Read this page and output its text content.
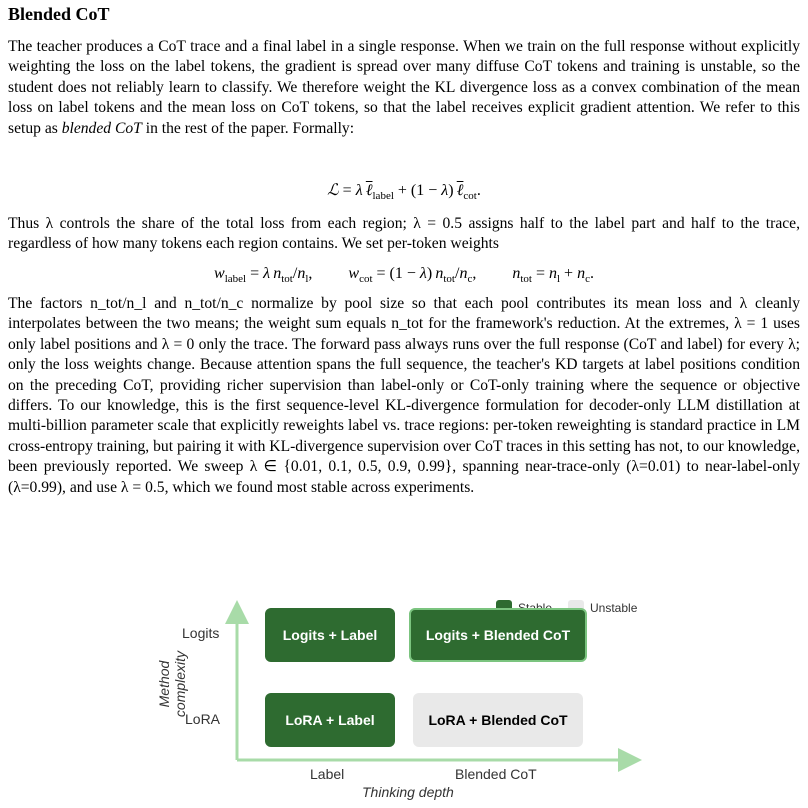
Blended CoT

The teacher produces a CoT trace and a final label in a single response. When we train on the full response without explicitly weighting the loss on the label tokens, the gradient is spread over many diffuse CoT tokens and training is unstable, so the student does not reliably learn to classify. We therefore weight the KL divergence loss as a convex combination of the mean loss on label tokens and the mean loss on CoT tokens, so that the label receives explicit gradient attention. We refer to this setup as blended CoT in the rest of the paper. Formally:

ℒ = λ  ℓ$_{label}$ + (1 − λ) ℓ$_{cot}$.

Thus λ controls the share of the total loss from each region; λ = 0.5 assigns half to the label part and half to the trace, regardless of how many tokens each region contains. We set per-token weights

$w_{label} = \lambda$  $n_{tot}/n_l$, $w_{cot} = (1 - \lambda)$ $n_{tot}/n_c$, $n_{tot} = n_l + n_c$.

The factors n_tot/n_l and n_tot/n_c normalize by pool size so that each pool contributes its mean loss and λ cleanly interpolates between the two means; the weight sum equals n_tot for the framework's reduction. At the extremes, λ = 1 uses only label positions and λ = 0 only the trace. The forward pass always runs over the full response (CoT and label) for every λ; only the loss weights change. Because attention spans the full sequence, the teacher's KD targets at label positions condition on the preceding CoT, providing richer supervision than label-only or CoT-only training where the sequence or objective differs. To our knowledge, this is the first sequence-level KL-divergence formulation for decoder-only LLM distillation at multi-billion parameter scale that explicitly reweights label vs. trace regions: per-token reweighting is standard practice in LM cross-entropy training, but pairing it with KL-divergence supervision over CoT traces in this setting has not, to our knowledge, been previously reported. We sweep λ ∈ {0.01, 0.1, 0.5, 0.9, 0.99}, spanning near-trace-only (λ=0.01) to near-label-only (λ=0.99), and use λ = 0.5, which we found most stable across experiments.

Unstable
Method complexity
Logits
LoRA
Logits + Label	Logits + Blended CoT
LoRA + Label	LoRA + Blended CoT
Label	Blended CoT
Thinking depth
